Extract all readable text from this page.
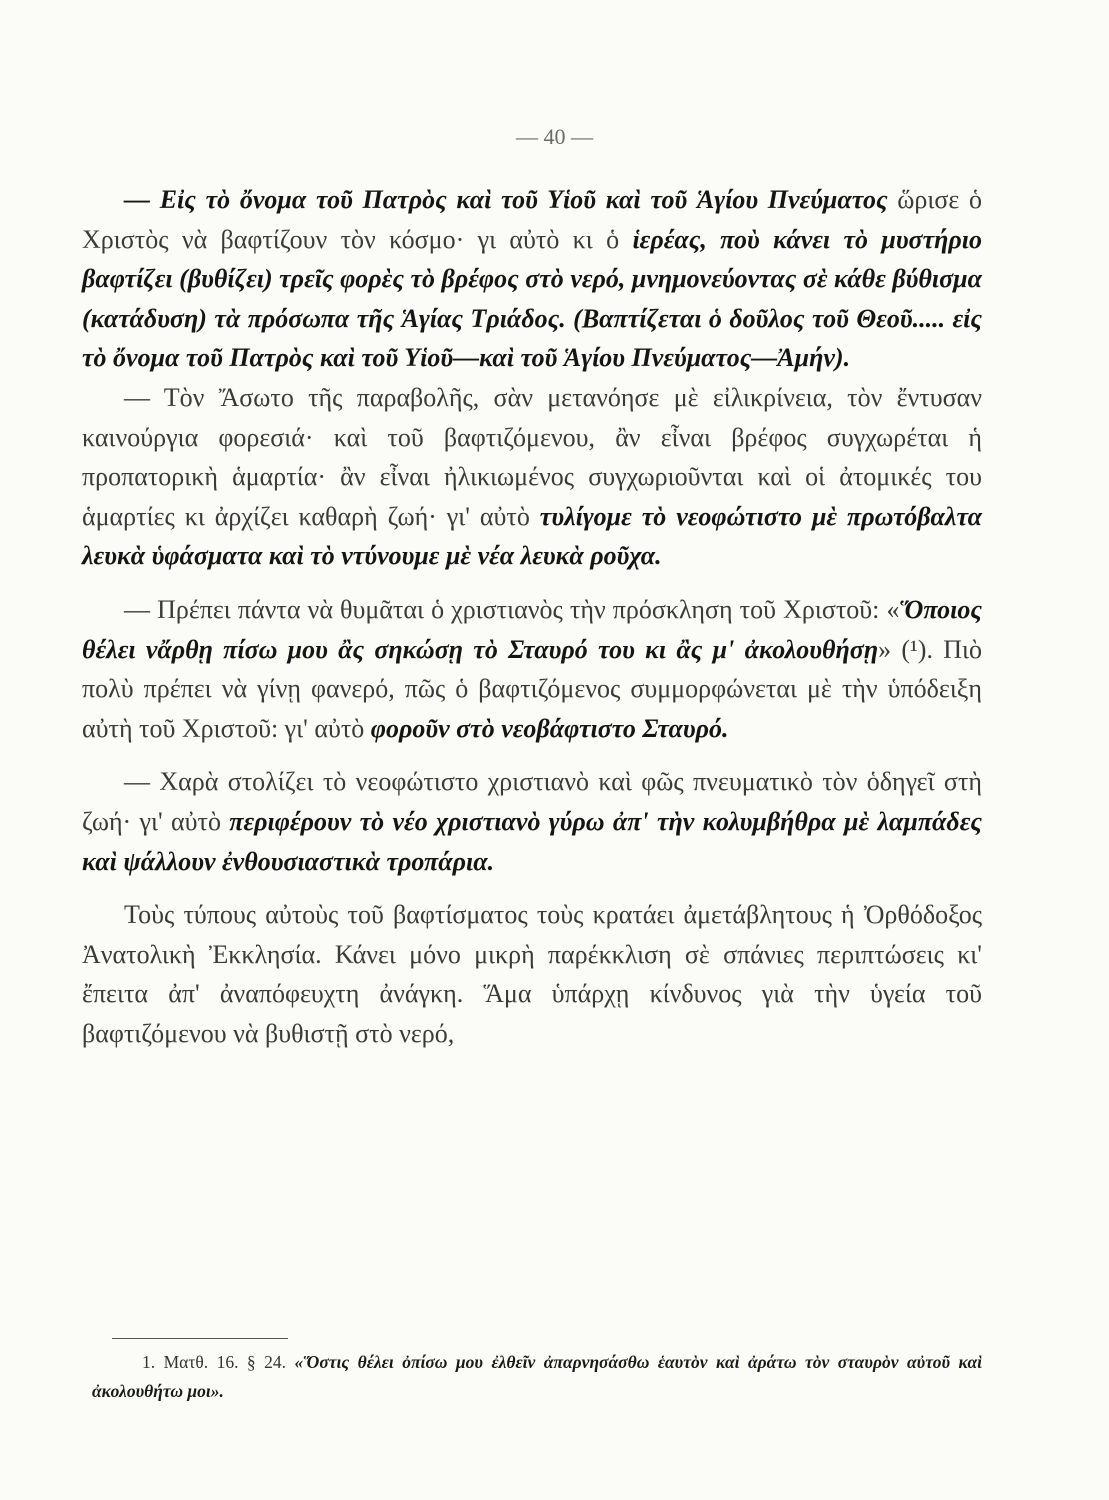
— 40 —

— Εἰς τὸ ὄνομα τοῦ Πατρὸς καὶ τοῦ Υἱοῦ καὶ τοῦ Ἁγίου Πνεύματος ὥρισε ὁ Χριστὸς νὰ βαφτίζουν τὸν κόσμο· γι αὐτὸ κι ὁ ἱερέας, ποὺ κάνει τὸ μυστήριο βαφτίζει (βυθίζει) τρεῖς φορὲς τὸ βρέφος στὸ νερό, μνημονεύοντας σὲ κάθε βύθισμα (κατάδυση) τὰ πρόσωπα τῆς Ἁγίας Τριάδος. (Βαπτίζεται ὁ δοῦλος τοῦ Θεοῦ..... εἰς τὸ ὄνομα τοῦ Πατρὸς καὶ τοῦ Υἱοῦ—καὶ τοῦ Ἁγίου Πνεύματος—Ἀμήν).

— Τὸν Ἄσωτο τῆς παραβολῆς, σὰν μετανόησε μὲ εἰλικρίνεια, τὸν ἔντυσαν καινούργια φορεσιά· καὶ τοῦ βαφτιζόμενου, ἂν εἶναι βρέφος συγχωρέται ἡ προπατορικὴ ἁμαρτία· ἂν εἶναι ἠλικιωμένος συγχωριοῦνται καὶ οἱ ἀτομικές του ἁμαρτίες κι ἀρχίζει καθαρὴ ζωή· γι' αὐτὸ τυλίγομε τὸ νεοφώτιστο μὲ πρωτόβαλτα λευκὰ ὑφάσματα καὶ τὸ ντύνουμε μὲ νέα λευκὰ ροῦχα.

— Πρέπει πάντα νὰ θυμᾶται ὁ χριστιανὸς τὴν πρόσκληση τοῦ Χριστοῦ: «Ὅποιος θέλει νἄρθῃ πίσω μου ἂς σηκώσῃ τὸ Σταυρό του κι ἂς μ' ἀκολουθήσῃ» (¹). Πιὸ πολὺ πρέπει νὰ γίνῃ φανερό, πῶς ὁ βαφτιζόμενος συμμορφώνεται μὲ τὴν ὑπόδειξη αὐτὴ τοῦ Χριστοῦ: γι' αὐτὸ φοροῦν στὸ νεοβάφτιστο Σταυρό.

— Χαρὰ στολίζει τὸ νεοφώτιστο χριστιανὸ καὶ φῶς πνευματικὸ τὸν ὁδηγεῖ στὴ ζωή· γι' αὐτὸ περιφέρουν τὸ νέο χριστιανὸ γύρω ἀπ' τὴν κολυμβήθρα μὲ λαμπάδες καὶ ψάλλουν ἐνθουσιαστικὰ τροπάρια.

Τοὺς τύπους αὐτοὺς τοῦ βαφτίσματος τοὺς κρατάει ἀμετάβλητους ἡ Ὀρθόδοξος Ἀνατολικὴ Ἐκκλησία. Κάνει μόνο μικρὴ παρέκκλιση σὲ σπάνιες περιπτώσεις κι' ἔπειτα ἀπ' ἀναπόφευχτη ἀνάγκη. Ἅμα ὑπάρχῃ κίνδυνος γιὰ τὴν ὑγεία τοῦ βαφτιζόμενου νὰ βυθιστῇ στὸ νερό,

1. Ματθ. 16. § 24. «Ὅστις θέλει ὀπίσω μου ἐλθεῖν ἀπαρνησάσθω ἑαυτὸν καὶ ἀράτω τὸν σταυρὸν αὐτοῦ καὶ ἀκολουθήτω μοι».
